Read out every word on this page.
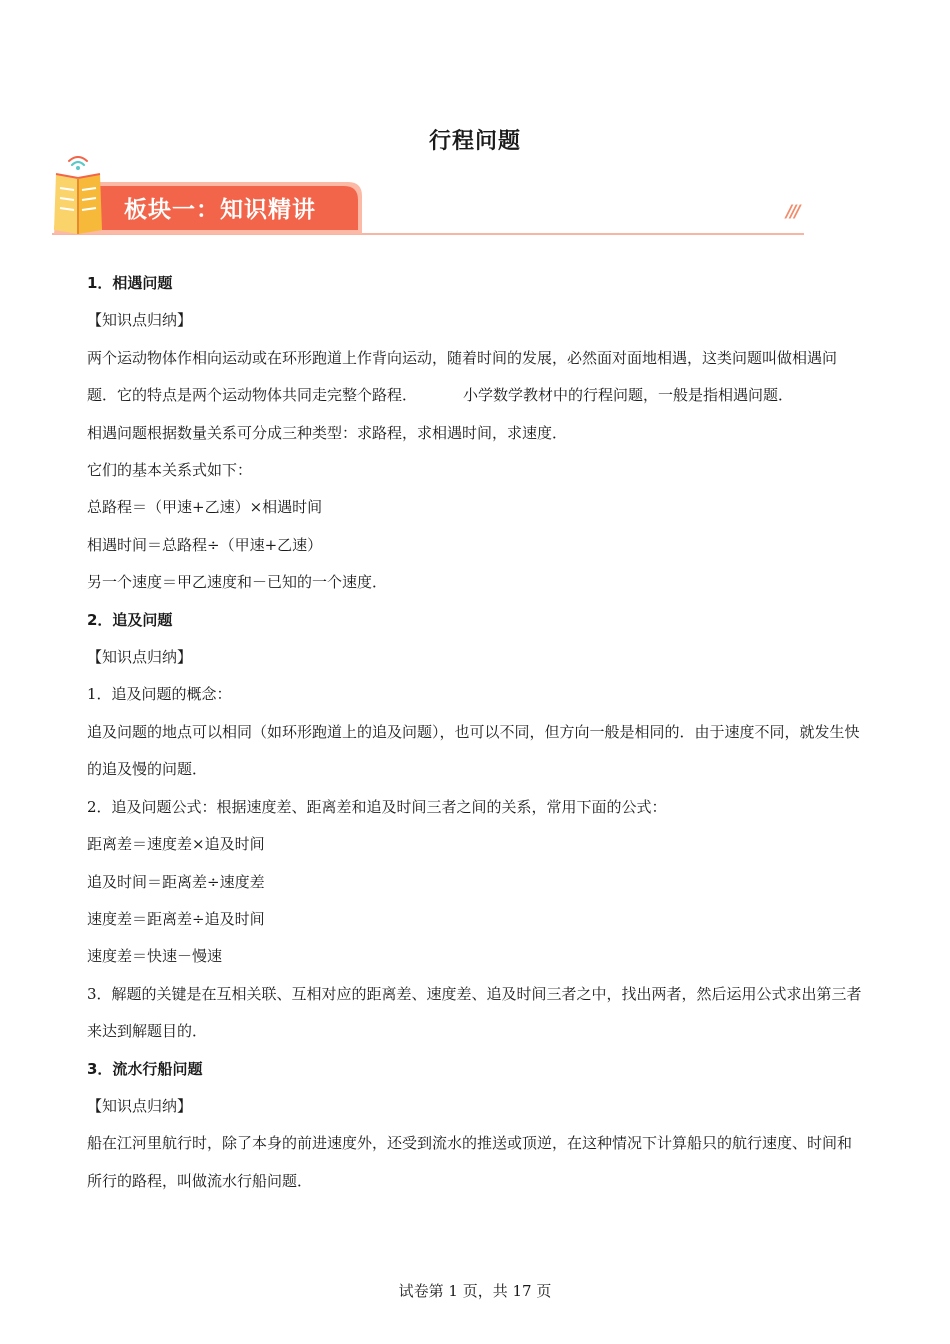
行程问题
板块一：知识精讲	///

1．相遇问题

【知识点归纳】

两个运动物体作相向运动或在环形跑道上作背向运动，随着时间的发展，必然面对面地相遇，这类问题叫做相遇问题．它的特点是两个运动物体共同走完整个路程．	小学数学教材中的行程问题，一般是指相遇问题．

相遇问题根据数量关系可分成三种类型：求路程，求相遇时间，求速度．

它们的基本关系式如下：

总路程＝（甲速+乙速）×相遇时间

相遇时间＝总路程÷（甲速+乙速）

另一个速度＝甲乙速度和－已知的一个速度．

2．追及问题

【知识点归纳】

1．追及问题的概念：

追及问题的地点可以相同（如环形跑道上的追及问题），也可以不同，但方向一般是相同的．由于速度不同，就发生快的追及慢的问题．

2．追及问题公式：根据速度差、距离差和追及时间三者之间的关系，常用下面的公式：

距离差＝速度差×追及时间

追及时间＝距离差÷速度差

速度差＝距离差÷追及时间

速度差＝快速－慢速

3．解题的关键是在互相关联、互相对应的距离差、速度差、追及时间三者之中，找出两者，然后运用公式求出第三者来达到解题目的．

3．流水行船问题

【知识点归纳】

船在江河里航行时，除了本身的前进速度外，还受到流水的推送或顶逆，在这种情况下计算船只的航行速度、时间和所行的路程，叫做流水行船问题．

试卷第 1 页，共 17 页
